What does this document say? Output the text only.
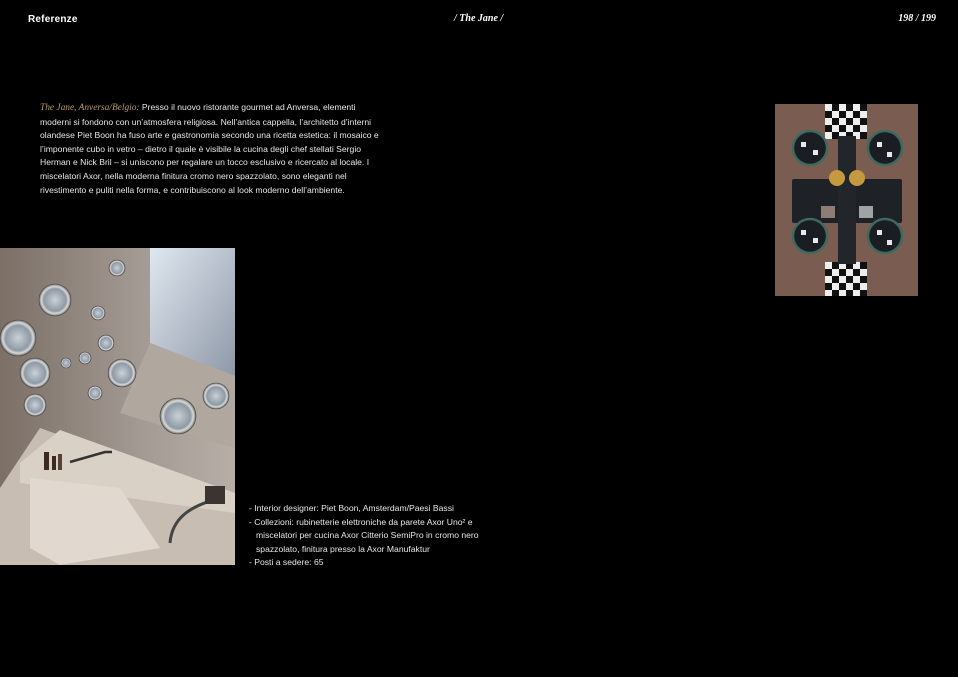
Referenze	/ The Jane /	198 / 199

The Jane, Anversa/Belgio: Presso il nuovo ristorante gourmet ad Anversa, elementi moderni si fondono con un’atmosfera religiosa. Nell’antica cappella, l’architetto d’interni olandese Piet Boon ha fuso arte e gastronomia secondo una ricetta estetica: il mosaico e l’imponente cubo in vetro – dietro il quale è visibile la cucina degli chef stellati Sergio Herman e Nick Bril – si uniscono per regalare un tocco esclusivo e ricercato al locale. I miscelatori Axor, nella moderna finitura cromo nero spazzolato, sono eleganti nel rivestimento e puliti nella forma, e contribuiscono al look moderno dell’ambiente.

- Interior designer: Piet Boon, Amsterdam/Paesi Bassi
- Collezioni: rubinetterie elettroniche da parete Axor Uno² e miscelatori per cucina Axor Citterio SemiPro in cromo nero spazzolato, finitura presso la Axor Manufaktur
- Posti a sedere: 65
